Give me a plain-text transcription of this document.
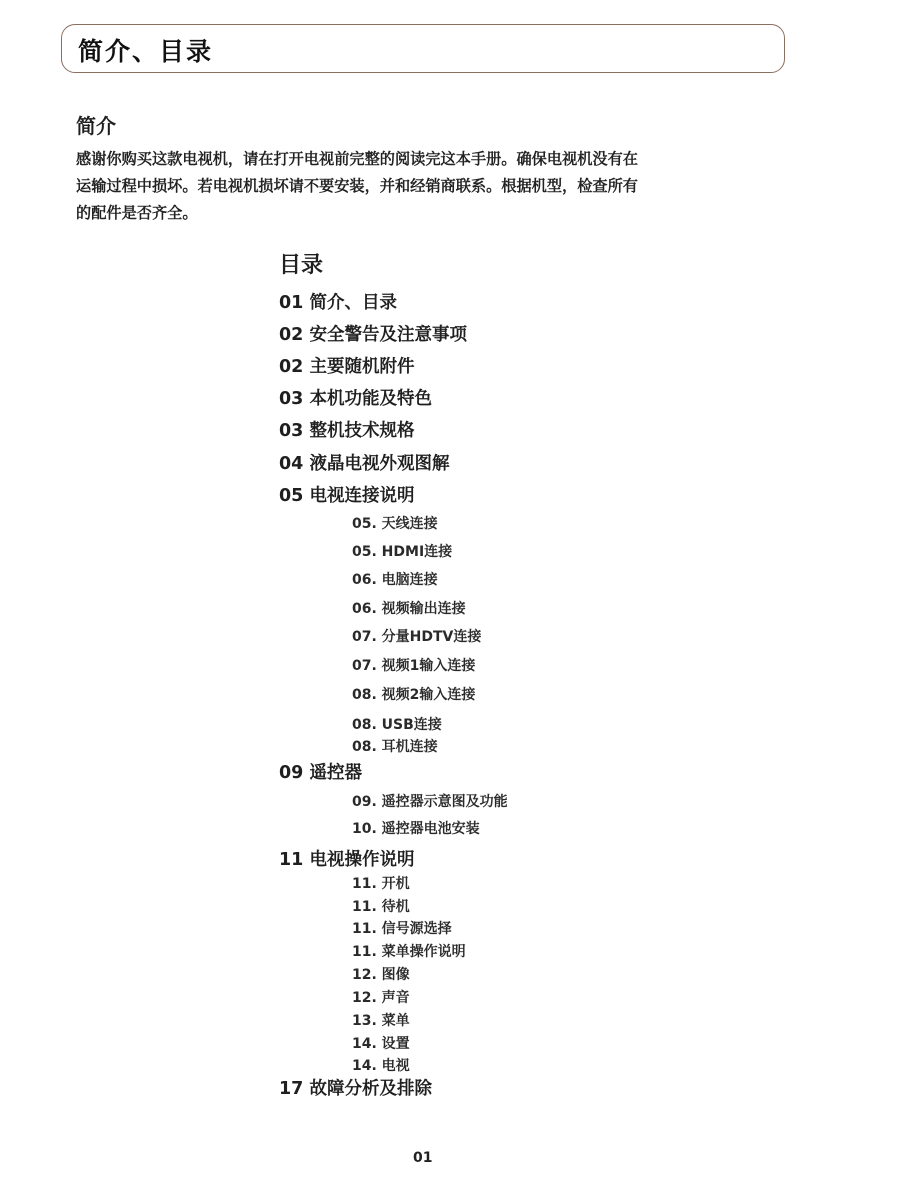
简介、目录
简介
感谢你购买这款电视机，请在打开电视前完整的阅读完这本手册。确保电视机没有在
运输过程中损坏。若电视机损坏请不要安装，并和经销商联系。根据机型，检查所有
的配件是否齐全。
目录
01 简介、目录
02 安全警告及注意事项
02 主要随机附件
03 本机功能及特色
03 整机技术规格
04 液晶电视外观图解
05 电视连接说明
05. 天线连接
05. HDMI连接
06. 电脑连接
06. 视频输出连接
07. 分量HDTV连接
07. 视频1输入连接
08. 视频2输入连接
08. USB连接
08. 耳机连接
09 遥控器
09. 遥控器示意图及功能
10. 遥控器电池安装
11 电视操作说明
11. 开机
11. 待机
11. 信号源选择
11. 菜单操作说明
12. 图像
12. 声音
13. 菜单
14. 设置
14. 电视
17 故障分析及排除
01
